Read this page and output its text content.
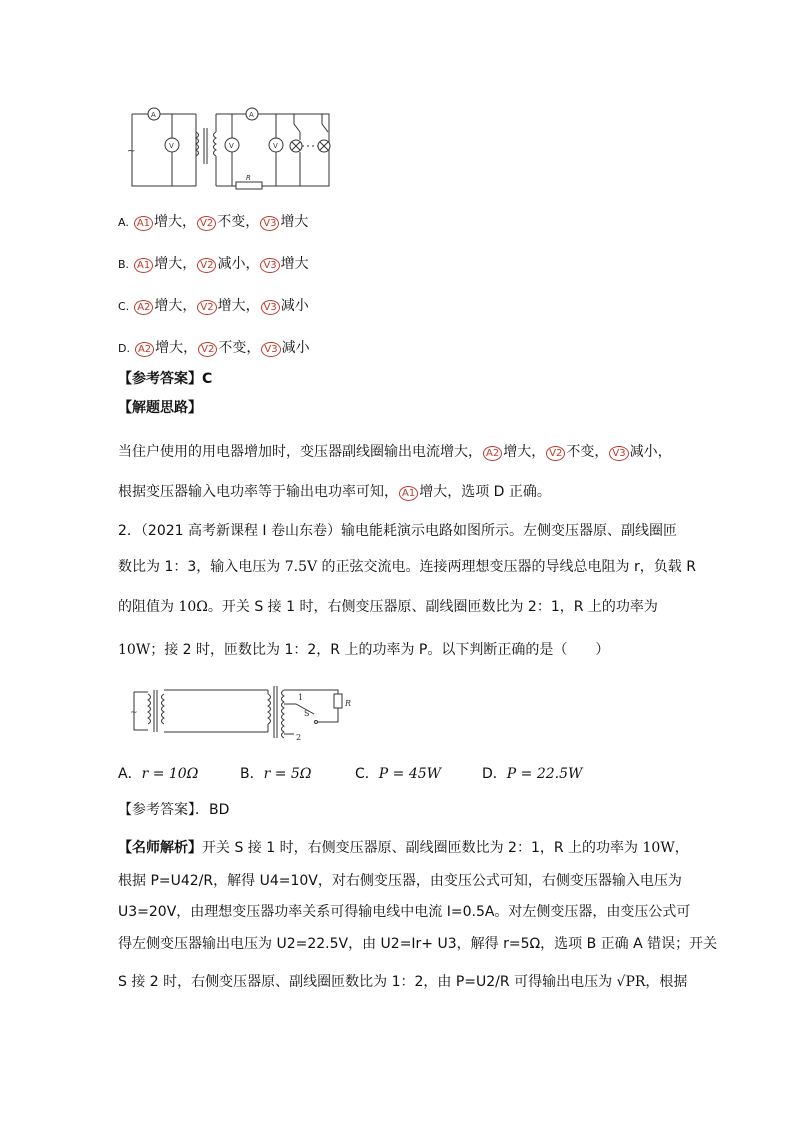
~
A	A
V	V	V
R
A. A1 增大， V2 不变， V3 增大
B. A1 增大， V2 减小， V3 增大
C. A2 增大， V2 增大， V3 减小
D. A2 增大， V2 不变， V3 减小
【参考答案】C
【解题思路】
当住户使用的用电器增加时，变压器副线圈输出电流增大， A2 增大， V2 不变， V3 减小，
根据变压器输入电功率等于输出电功率可知， A1 增大，选项 D 正确。
2．（2021 高考新课程 I 卷山东卷）输电能耗演示电路如图所示。左侧变压器原、副线圈匝
数比为 1：3，输入电压为 7.5V 的正弦交流电。连接两理想变压器的导线总电阻为 r，负载 R
的阻值为 10Ω。开关 S 接 1 时，右侧变压器原、副线圈匝数比为 2：1，R 上的功率为
10W；接 2 时，匝数比为 1：2，R 上的功率为 P。以下判断正确的是（　　）
~
1
S
2
R
A．r = 10Ω	B．r = 5Ω	C．P = 45W	D．P = 22.5W
【参考答案】．BD
【名师解析】开关 S 接 1 时，右侧变压器原、副线圈匝数比为 2：1，R 上的功率为 10W，
根据 P=U42/R，解得 U4=10V，对右侧变压器，由变压公式可知，右侧变压器输入电压为
U3=20V，由理想变压器功率关系可得输电线中电流 I=0.5A。对左侧变压器，由变压公式可
得左侧变压器输出电压为 U2=22.5V，由 U2=Ir+ U3，解得 r=5Ω，选项 B 正确 A 错误；开关
S 接 2 时，右侧变压器原、副线圈匝数比为 1：2，由 P=U2/R 可得输出电压为 √PR，根据
